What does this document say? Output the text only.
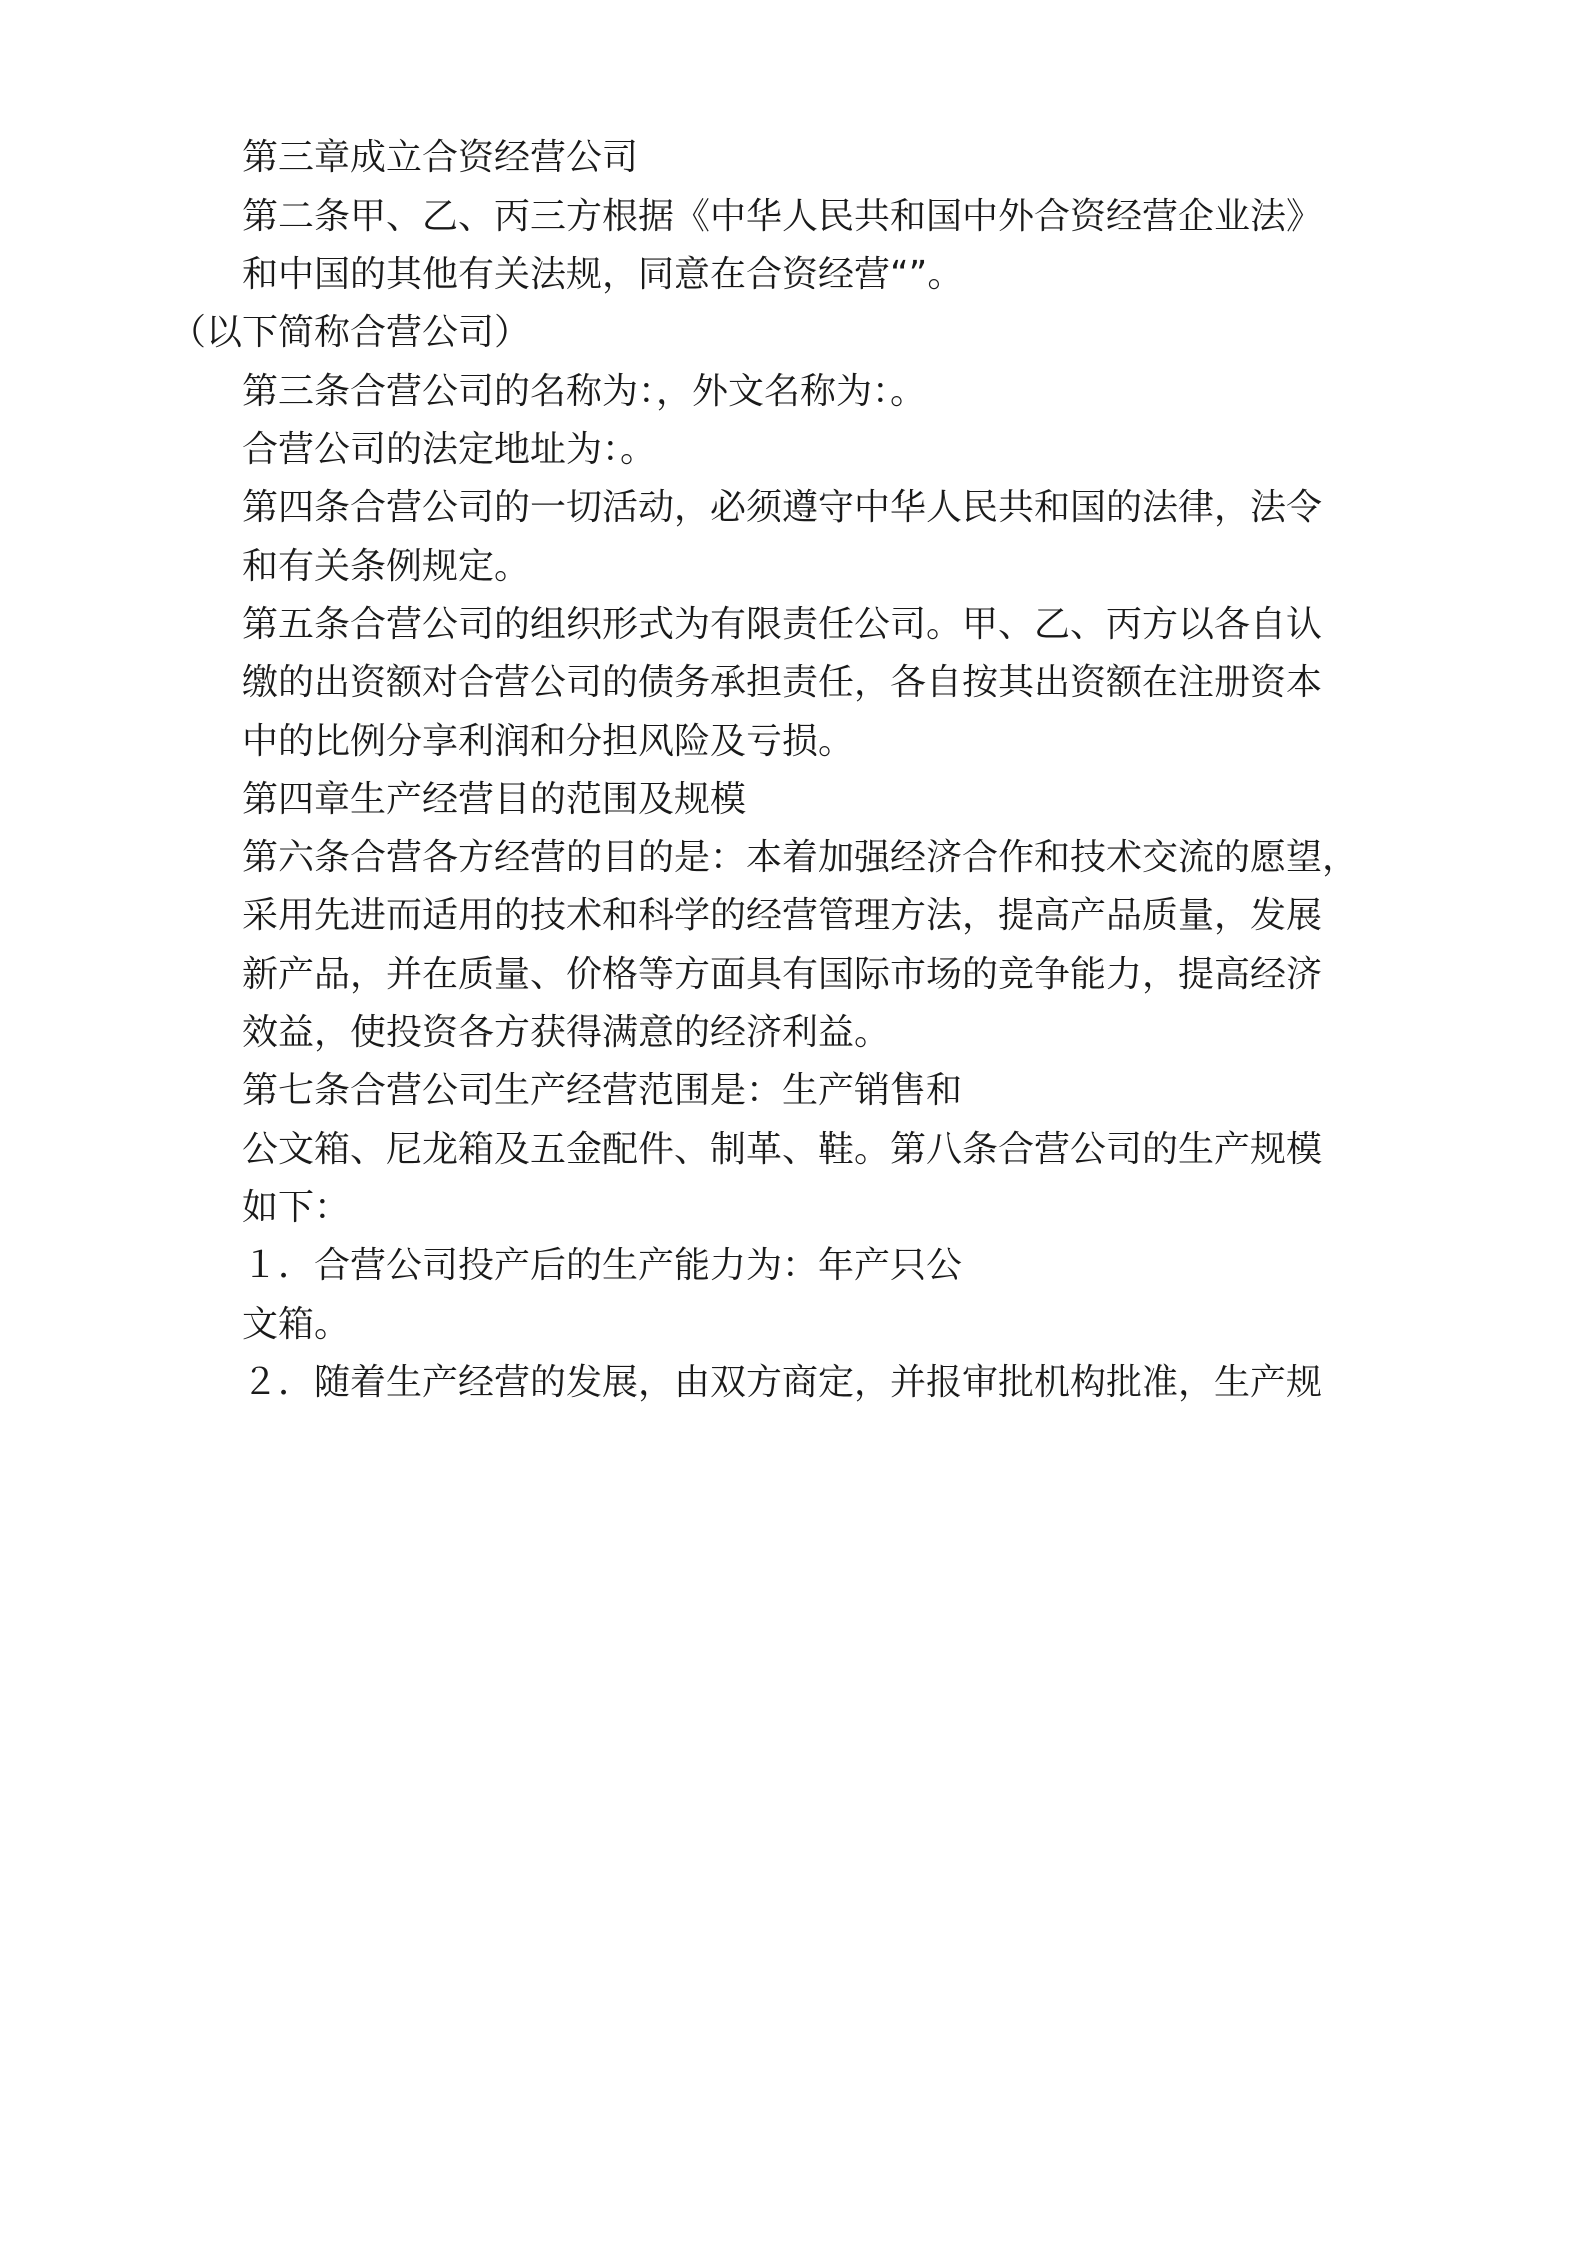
第三章成立合资经营公司
第二条甲、乙、丙三方根据《中华人民共和国中外合资经营企业法》
和中国的其他有关法规，同意在合资经营“”。
（以下简称合营公司）
第三条合营公司的名称为：，外文名称为：。
合营公司的法定地址为：。
第四条合营公司的一切活动，必须遵守中华人民共和国的法律，法令
和有关条例规定。
第五条合营公司的组织形式为有限责任公司。甲、乙、丙方以各自认
缴的出资额对合营公司的债务承担责任，各自按其出资额在注册资本
中的比例分享利润和分担风险及亏损。
第四章生产经营目的范围及规模
第六条合营各方经营的目的是：本着加强经济合作和技术交流的愿望，
采用先进而适用的技术和科学的经营管理方法，提高产品质量，发展
新产品，并在质量、价格等方面具有国际市场的竞争能力，提高经济
效益，使投资各方获得满意的经济利益。
第七条合营公司生产经营范围是：生产销售和
公文箱、尼龙箱及五金配件、制革、鞋。第八条合营公司的生产规模
如下：
１．合营公司投产后的生产能力为：年产只公
文箱。
２．随着生产经营的发展，由双方商定，并报审批机构批准，生产规
